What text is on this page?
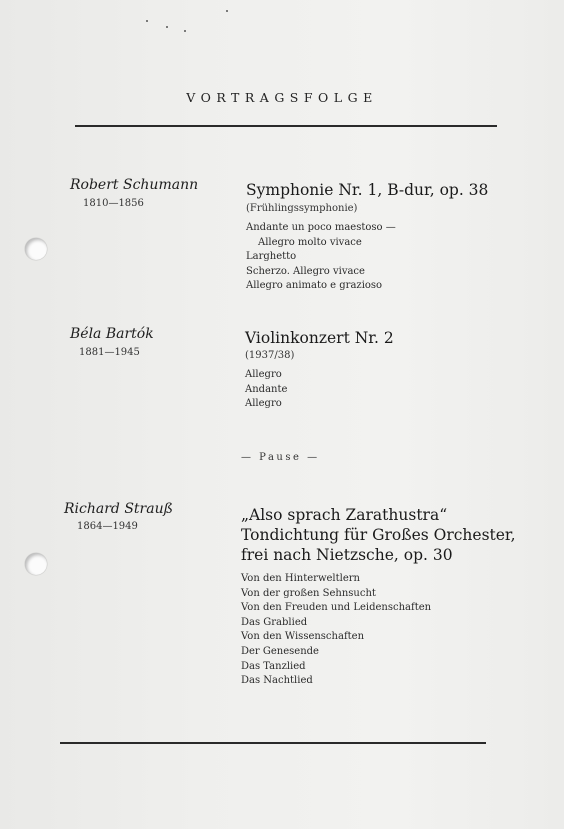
VORTRAGSFOLGE
Robert Schumann
1810—1856
Symphonie Nr. 1, B-dur, op. 38
(Frühlingssymphonie)
Andante un poco maestoso —
Allegro molto vivace
Larghetto
Scherzo. Allegro vivace
Allegro animato e grazioso
Béla Bartók
1881—1945
Violinkonzert Nr. 2
(1937/38)
Allegro
Andante
Allegro
— Pause —
Richard Strauß
1864—1949
„Also sprach Zarathustra“
Tondichtung für Großes Orchester,
frei nach Nietzsche, op. 30
Von den Hinterweltlern
Von der großen Sehnsucht
Von den Freuden und Leidenschaften
Das Grablied
Von den Wissenschaften
Der Genesende
Das Tanzlied
Das Nachtlied
